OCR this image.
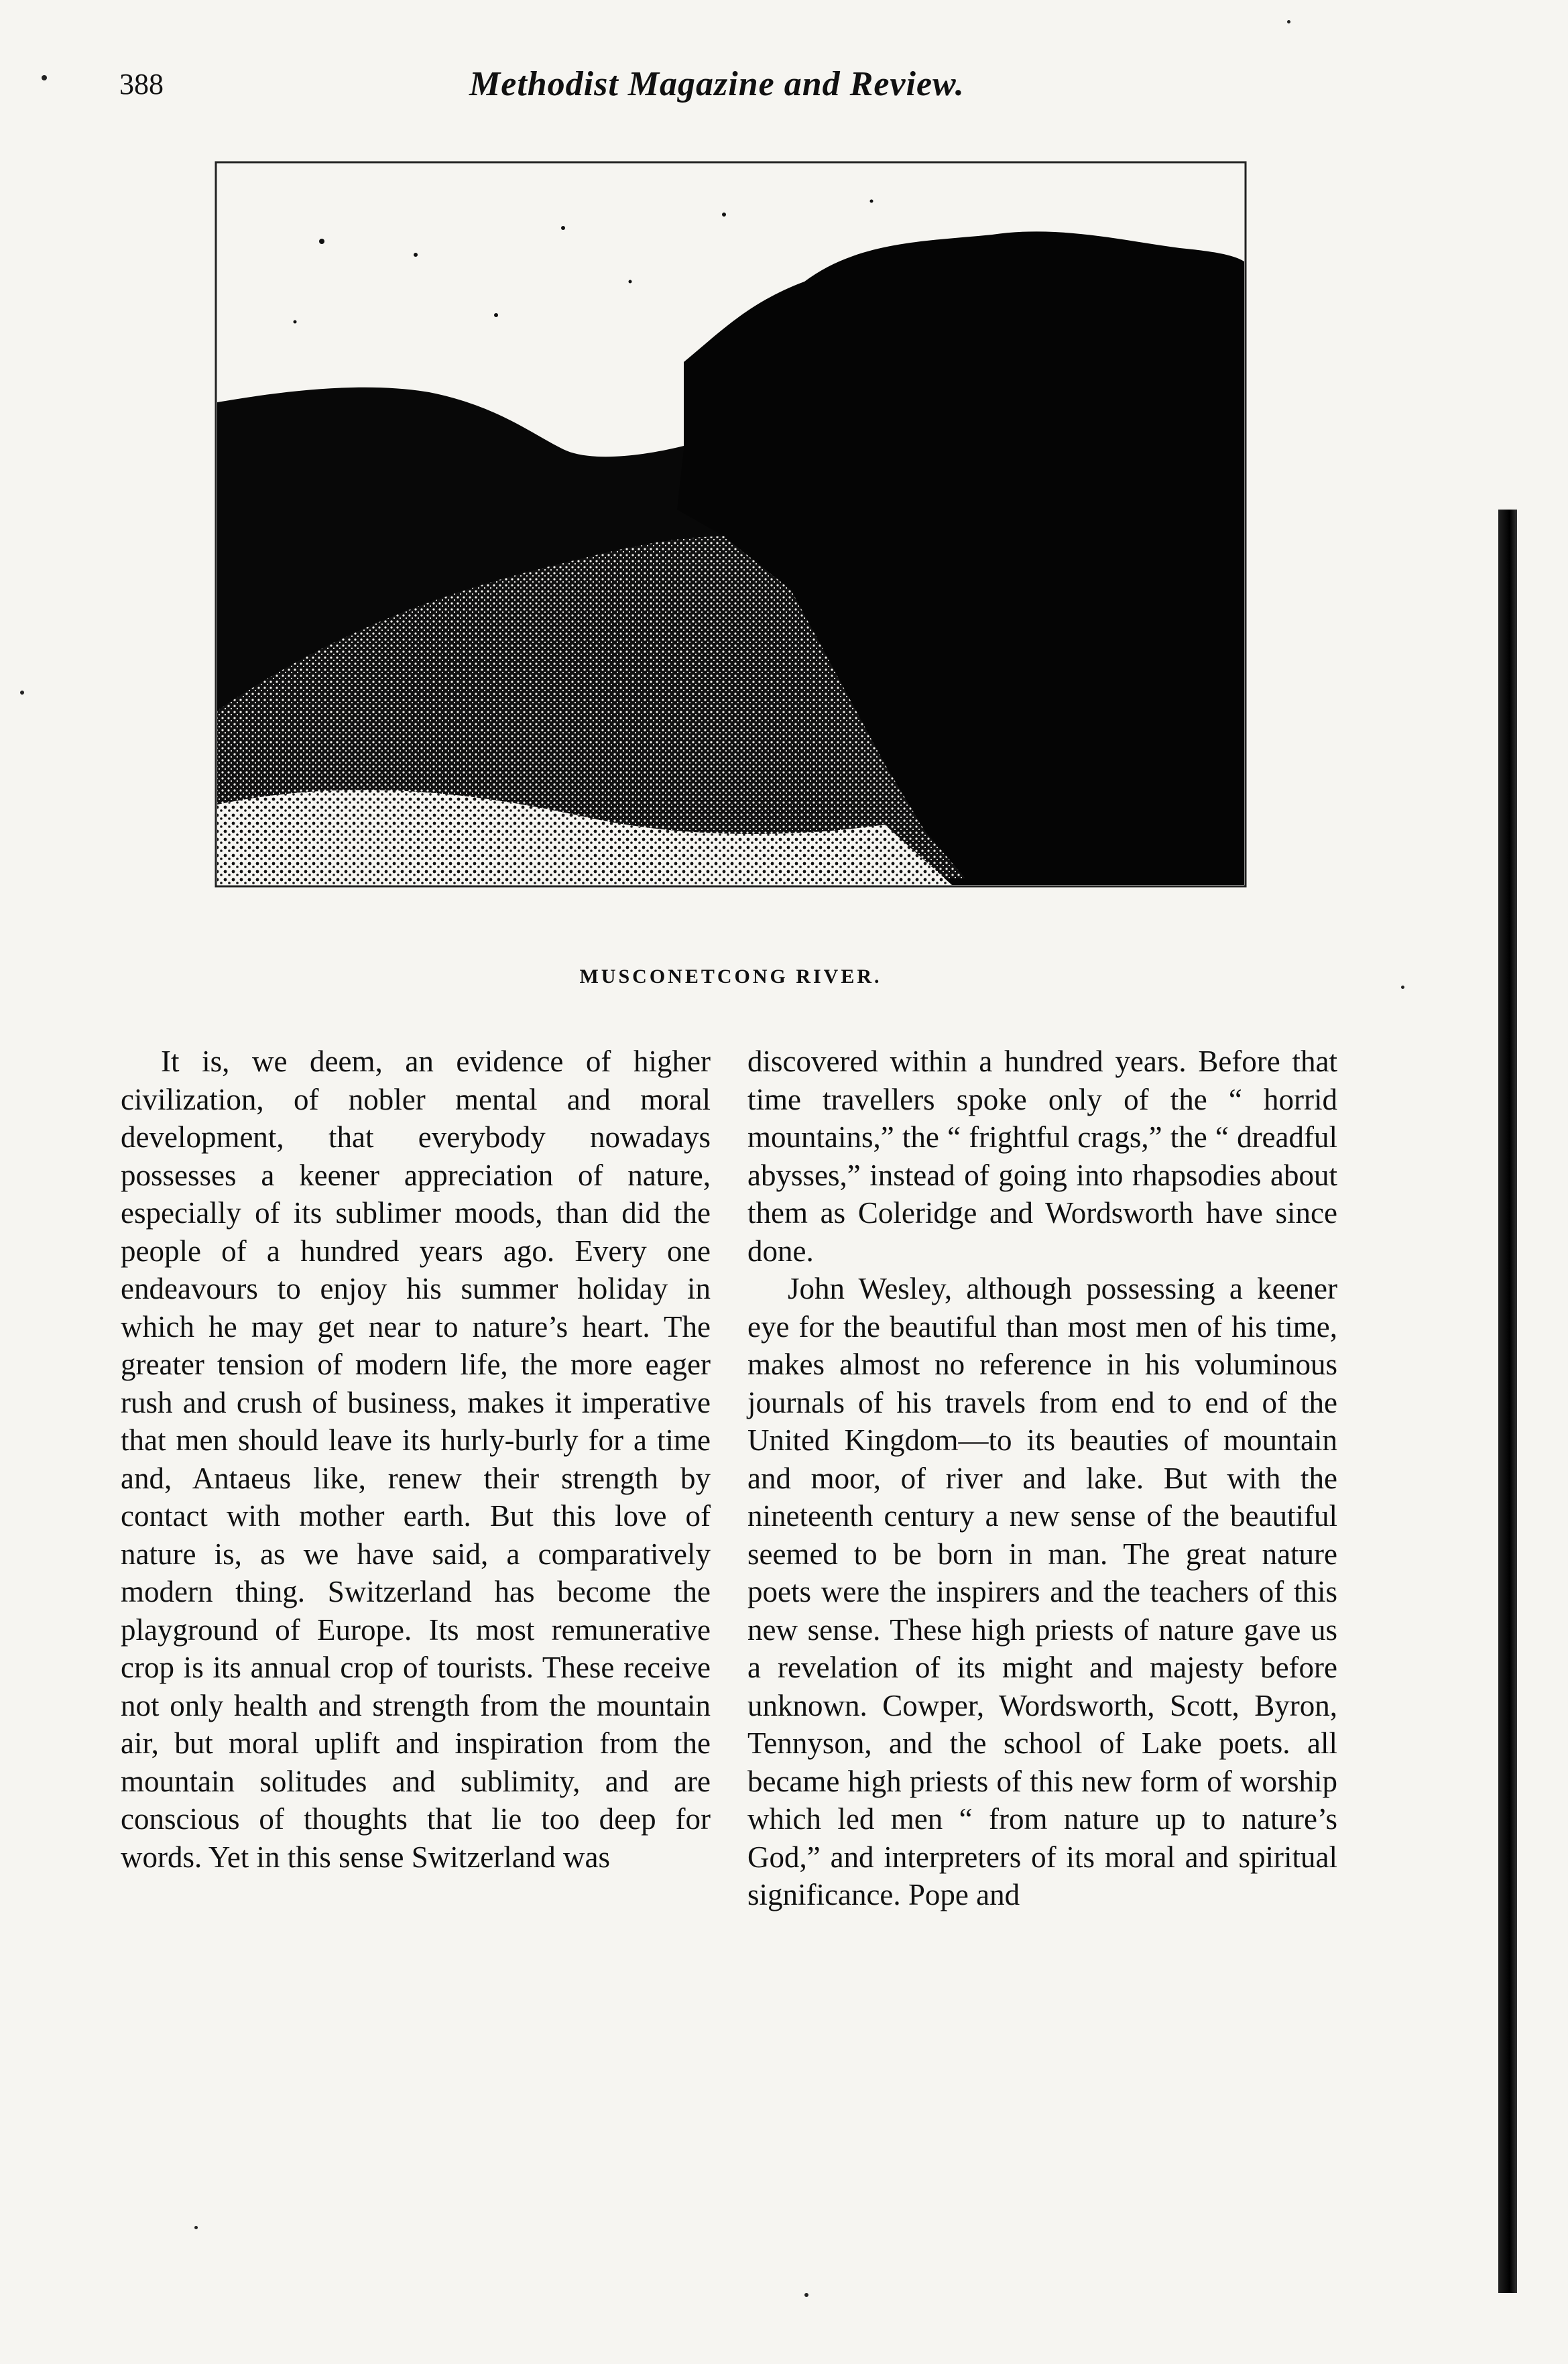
388	Methodist Magazine and Review.
MUSCONETCONG RIVER.

It is, we deem, an evidence of higher civilization, of nobler mental and moral development, that everybody nowadays possesses a keener appreciation of nature, especially of its sublimer moods, than did the people of a hundred years ago. Every one endeavours to enjoy his summer holiday in which he may get near to nature’s heart. The greater tension of modern life, the more eager rush and crush of business, makes it imperative that men should leave its hurly-burly for a time and, Antaeus like, renew their strength by contact with mother earth. But this love of nature is, as we have said, a comparatively modern thing. Switzerland has become the playground of Europe. Its most remunerative crop is its annual crop of tourists. These receive not only health and strength from the mountain air, but moral uplift and inspiration from the mountain solitudes and sublimity, and are conscious of thoughts that lie too deep for words. Yet in this sense Switzerland was

discovered within a hundred years. Before that time travellers spoke only of the “ horrid mountains,” the “ frightful crags,” the “ dreadful abysses,” instead of going into rhapsodies about them as Coleridge and Wordsworth have since done.

John Wesley, although possessing a keener eye for the beautiful than most men of his time, makes almost no reference in his voluminous journals of his travels from end to end of the United Kingdom—to its beauties of mountain and moor, of river and lake. But with the nineteenth century a new sense of the beautiful seemed to be born in man. The great nature poets were the inspirers and the teachers of this new sense. These high priests of nature gave us a revelation of its might and majesty before unknown. Cowper, Wordsworth, Scott, Byron, Tennyson, and the school of Lake poets. all became high priests of this new form of worship which led men “ from nature up to nature’s God,” and interpreters of its moral and spiritual significance. Pope and
